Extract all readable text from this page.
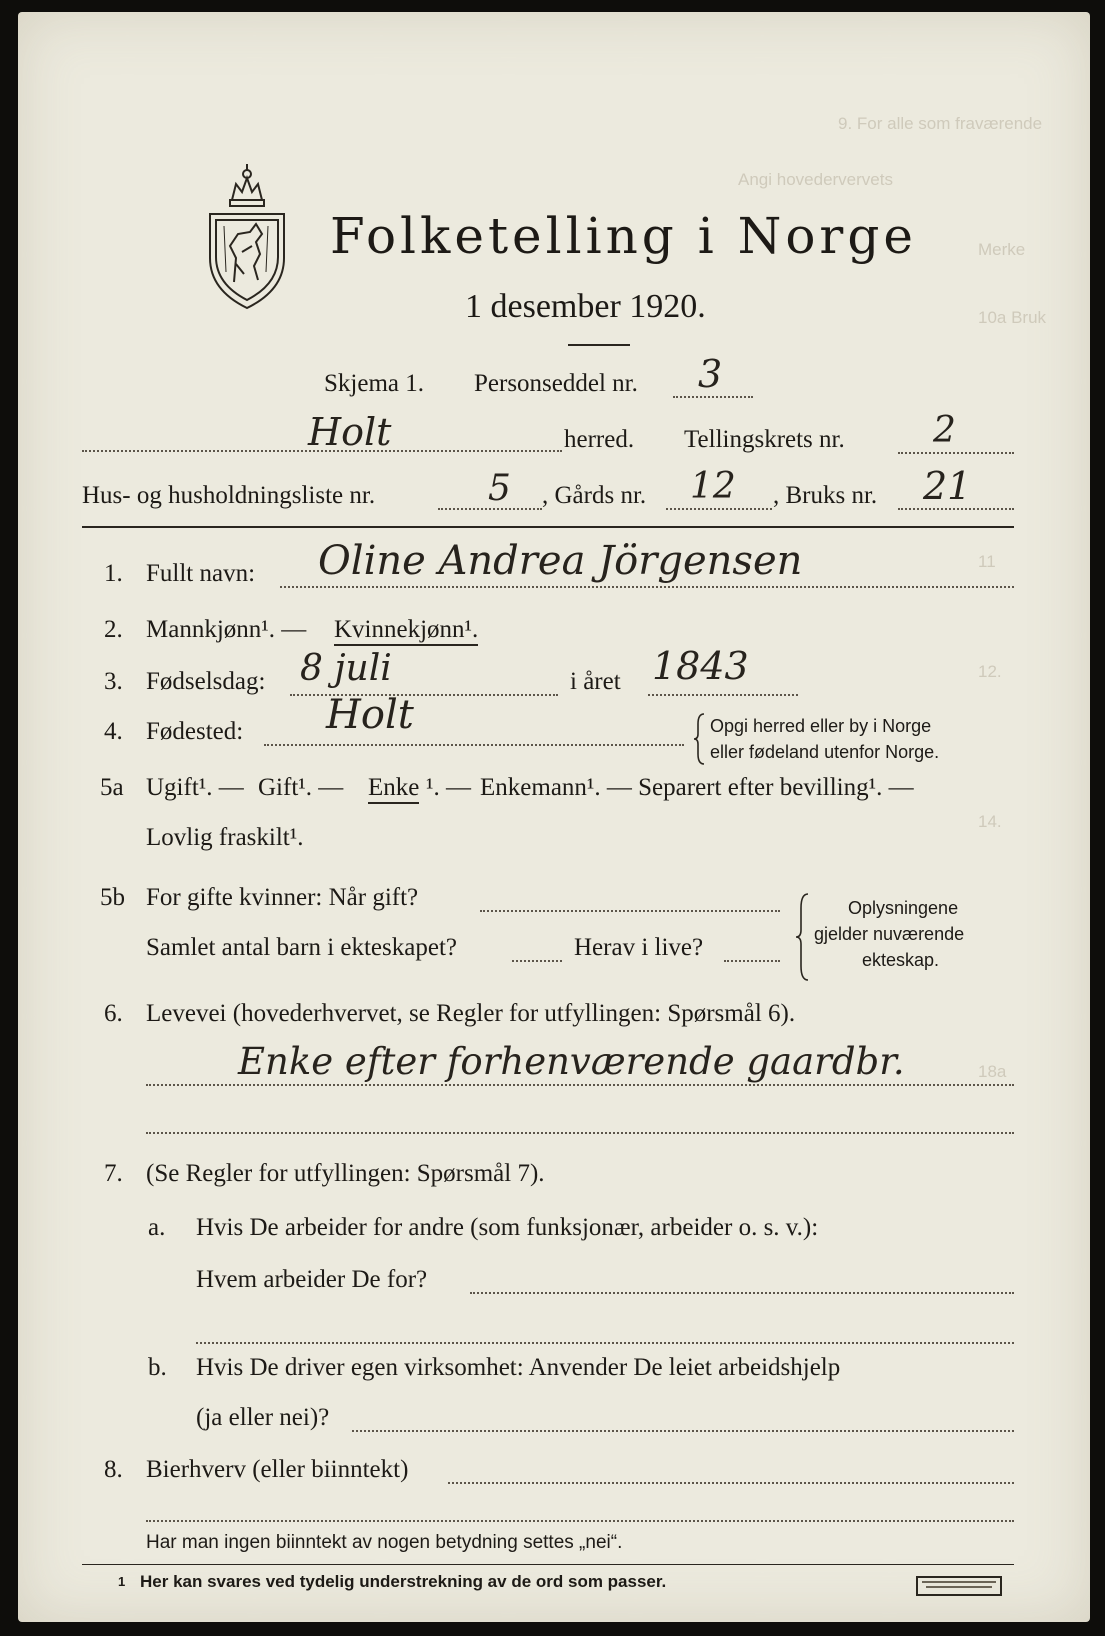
9. For alle som fraværende
Angi hovedervervets
Merke
10a Bruk
11
12.
14.
18a
Folketelling i Norge
1 desember 1920.
Skjema 1. Personseddel nr. 3
Holt	herred. Tellingskrets nr. 2
Hus- og husholdningsliste nr.	5 , Gårds nr. 12 , Bruks nr. 21
1. Fullt navn: Oline Andrea Jörgensen
2. Mannkjønn¹. — Kvinnekjønn¹.
3. Fødselsdag: 8 juli	i året 1843
4. Fødested: Holt	Opgi herred eller by i Norge
eller fødeland utenfor Norge.
5a Ugift¹. — Gift¹. — Enke ¹. — Enkemann¹. — Separert efter bevilling¹. —
Lovlig fraskilt¹.
5b For gifte kvinner: Når gift?
Samlet antal barn i ekteskapet?	Herav i live?
Oplysningene
gjelder nuværende
ekteskap.
6. Levevei (hovederhvervet, se Regler for utfyllingen: Spørsmål 6).
Enke efter forhenværende gaardbr.
7. (Se Regler for utfyllingen: Spørsmål 7).
a. Hvis De arbeider for andre (som funksjonær, arbeider o. s. v.):
Hvem arbeider De for?
b. Hvis De driver egen virksomhet: Anvender De leiet arbeidshjelp
(ja eller nei)?
8. Bierhverv (eller biinntekt)
Har man ingen biinntekt av nogen betydning settes „nei“.
1 Her kan svares ved tydelig understrekning av de ord som passer.
